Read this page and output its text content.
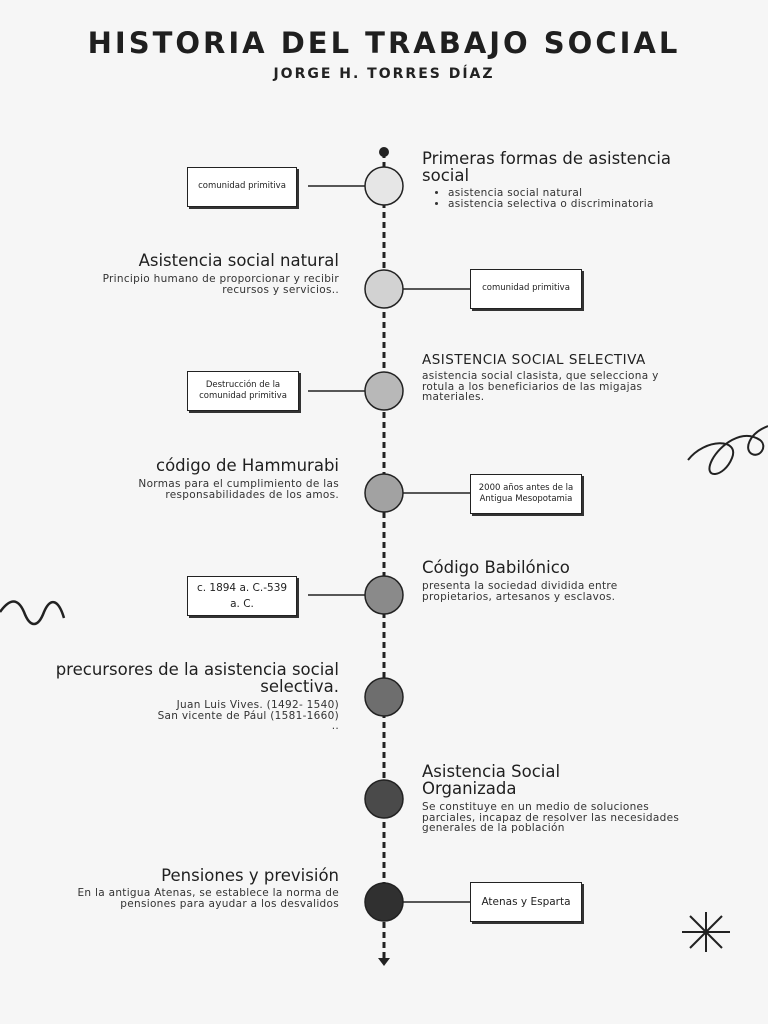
HISTORIA DEL TRABAJO SOCIAL
JORGE H. TORRES DÍAZ
comunidad primitiva
Primeras formas de asistencia social
• asistencia social natural
• asistencia selectiva o discriminatoria
Asistencia social natural
Principio humano de proporcionar y recibir recursos y servicios..	comunidad primitiva
Destrucción de la comunidad primitiva
ASISTENCIA SOCIAL SELECTIVA
asistencia social clasista, que selecciona y rotula a los beneficiarios de las migajas materiales.
código de Hammurabi
Normas para el cumplimiento de las responsabilidades de los amos.
2000 años antes de la Antigua Mesopotamia
c. 1894 a. C.-539 a. C.
Código Babilónico
presenta la sociedad dividida entre propietarios, artesanos y esclavos.
precursores de la asistencia social selectiva.
Juan Luis Vives. (1492- 1540)
San vicente de Pául (1581-1660)
..
Asistencia Social Organizada
Se constituye en un medio de soluciones parciales, incapaz de resolver las necesidades generales de la población
Pensiones y previsión
En la antigua Atenas, se establece la norma de pensiones para ayudar a los desvalidos	Atenas y Esparta
